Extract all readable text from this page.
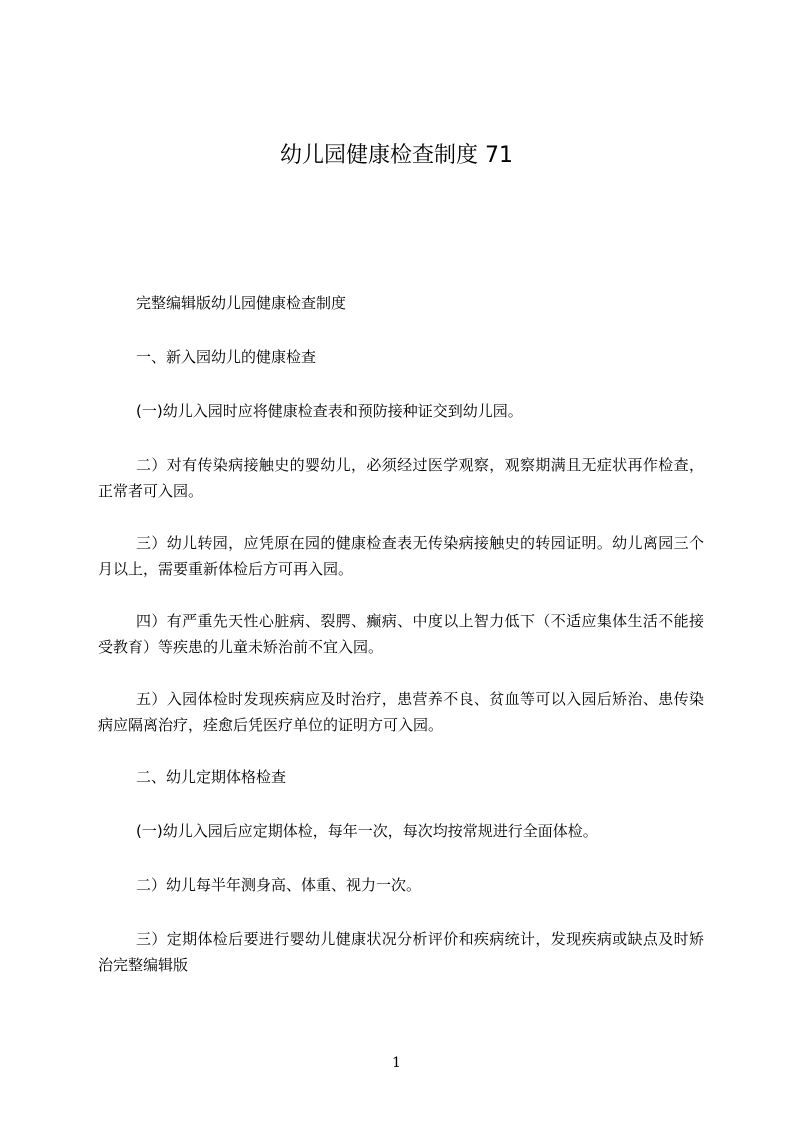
幼儿园健康检查制度 71

完整编辑版幼儿园健康检查制度

一、新入园幼儿的健康检查

(一)幼儿入园时应将健康检查表和预防接种证交到幼儿园。

二）对有传染病接触史的婴幼儿，必须经过医学观察，观察期满且无症状再作检查，正常者可入园。

三）幼儿转园，应凭原在园的健康检查表无传染病接触史的转园证明。幼儿离园三个月以上，需要重新体检后方可再入园。

四）有严重先天性心脏病、裂腭、癫病、中度以上智力低下（不适应集体生活不能接受教育）等疾患的儿童未矫治前不宜入园。

五）入园体检时发现疾病应及时治疗，患营养不良、贫血等可以入园后矫治、患传染病应隔离治疗，痊愈后凭医疗单位的证明方可入园。

二、幼儿定期体格检查

(一)幼儿入园后应定期体检，每年一次，每次均按常规进行全面体检。

二）幼儿每半年测身高、体重、视力一次。

三）定期体检后要进行婴幼儿健康状况分析评价和疾病统计，发现疾病或缺点及时矫治完整编辑版

1
